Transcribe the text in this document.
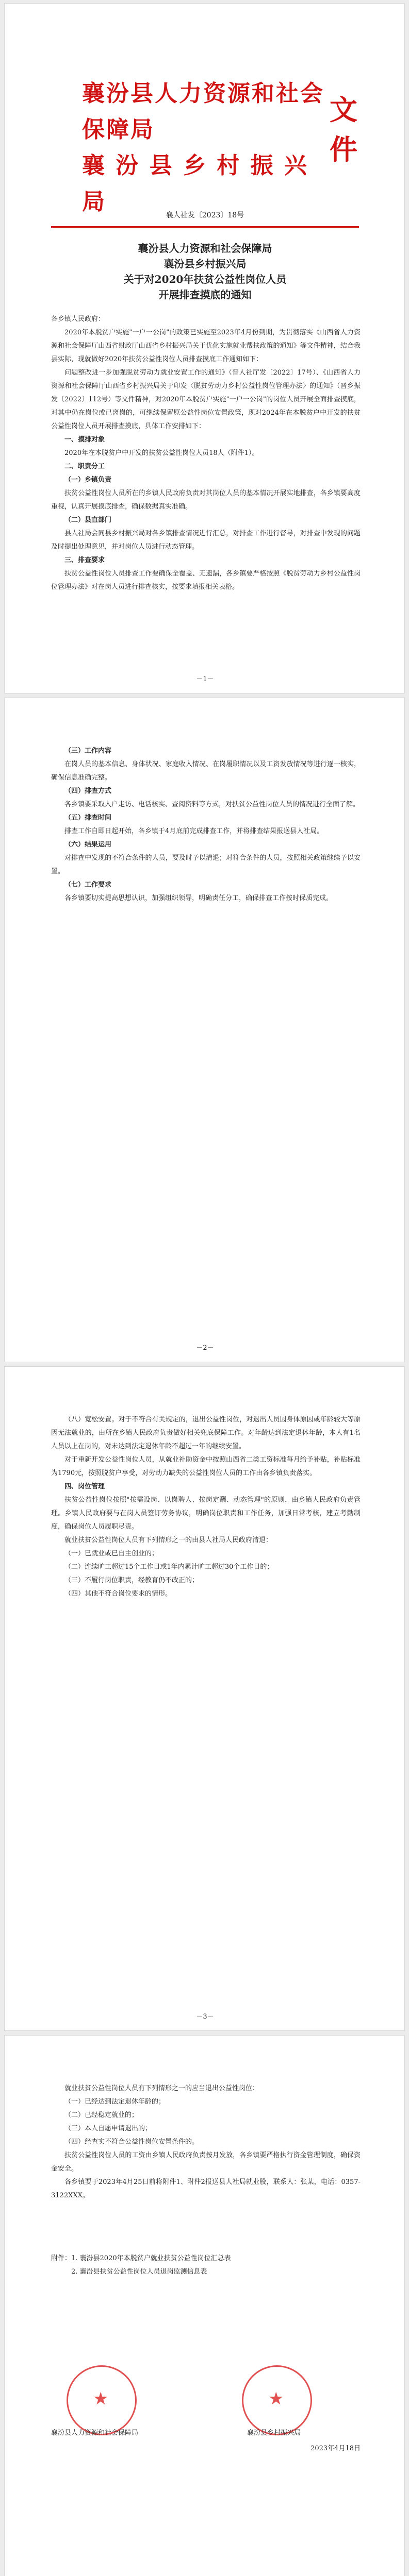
襄汾县人力资源和社会保障局
襄 汾 县 乡 村 振 兴 局
文件
襄人社发〔2023〕18号
襄汾县人力资源和社会保障局
襄汾县乡村振兴局
关于对2020年扶贫公益性岗位人员
开展排查摸底的通知

各乡镇人民政府：

2020年本脱贫户实施"一户一公岗"的政策已实施至2023年4月份到期，为贯彻落实《山西省人力资源和社会保障厅山西省财政厅山西省乡村振兴局关于优化实施就业帮扶政策的通知》等文件精神，结合我县实际，现就做好2020年扶贫公益性岗位人员排查摸底工作通知如下：

问题整改进一步加强脱贫劳动力就业安置工作的通知》（晋人社厅发〔2022〕17号）、《山西省人力资源和社会保障厅山西省乡村振兴局关于印发〈脱贫劳动力乡村公益性岗位管理办法〉的通知》（晋乡振发〔2022〕112号）等文件精神，对2020年本脱贫户实施"一户一公岗"的岗位人员开展全面排查摸底，对其中仍在岗位或已离岗的，可继续保留原公益性岗位安置政策，现对2024年在本脱贫户中开发的扶贫公益性岗位人员开展排查摸底，具体工作安排如下：

一、摸排对象

2020年在本脱贫户中开发的扶贫公益性岗位人员18人（附件1）。

二、职责分工

（一）乡镇负责

扶贫公益性岗位人员所在的乡镇人民政府负责对其岗位人员的基本情况开展实地排查，各乡镇要高度重视，认真开展摸底排查，确保数据真实准确。

（二）县直部门

县人社局会同县乡村振兴局对各乡镇排查情况进行汇总，对排查工作进行督导，对排查中发现的问题及时提出处理意见，并对岗位人员进行动态管理。

三、排查要求

扶贫公益性岗位人员排查工作要确保全覆盖、无遗漏，各乡镇要严格按照《脱贫劳动力乡村公益性岗位管理办法》对在岗人员进行排查核实，按要求填报相关表格。

－1－

（三）工作内容

在岗人员的基本信息、身体状况、家庭收入情况、在岗履职情况以及工资发放情况等进行逐一核实，确保信息准确完整。

（四）排查方式

各乡镇要采取入户走访、电话核实、查阅资料等方式，对扶贫公益性岗位人员的情况进行全面了解。

（五）排查时间

排查工作自即日起开始，各乡镇于4月底前完成排查工作，并将排查结果报送县人社局。

（六）结果运用

对排查中发现的不符合条件的人员，要及时予以清退；对符合条件的人员，按照相关政策继续予以安置。

（七）工作要求

各乡镇要切实提高思想认识，加强组织领导，明确责任分工，确保排查工作按时保质完成。

－2－

（八）宽松安置。对于不符合有关规定的，退出公益性岗位，对退出人员因身体原因或年龄较大等原因无法就业的，由所在乡镇人民政府负责做好相关兜底保障工作。对年龄达到法定退休年龄，本人有1名人员以上在岗的，对未达到法定退休年龄不超过一年的继续安置。

对于重新开发公益性岗位人员，从就业补助资金中按照山西省二类工资标准每月给予补贴，补贴标准为1790元，按照脱贫户享受，对劳动力缺失的公益性岗位人员的工作由各乡镇负责落实。

四、岗位管理

扶贫公益性岗位按照"按需设岗、以岗聘人、按岗定酬、动态管理"的原则，由乡镇人民政府负责管理。乡镇人民政府要与在岗人员签订劳务协议，明确岗位职责和工作任务，加强日常考核，建立考勤制度，确保岗位人员履职尽责。

就业扶贫公益性岗位人员有下列情形之一的由县人社局人民政府清退：

（一）已就业或已自主创业的；

（二）连续旷工超过15个工作日或1年内累计旷工超过30个工作日的；

（三）不履行岗位职责，经教育仍不改正的；

（四）其他不符合岗位要求的情形。

－3－

就业扶贫公益性岗位人员有下列情形之一的应当退出公益性岗位：

（一）已经达到法定退休年龄的；

（二）已经稳定就业的；

（三）本人自愿申请退出的；

（四）经查实不符合公益性岗位安置条件的。

扶贫公益性岗位人员的工资由乡镇人民政府负责按月发放，各乡镇要严格执行资金管理制度，确保资金安全。

各乡镇要于2023年4月25日前将附件1、附件2报送县人社局就业股，联系人：张某，电话：0357-3122XXX。

附件：1. 襄汾县2020年本脱贫户就业扶贫公益性岗位汇总表

2. 襄汾县扶贫公益性岗位人员退岗监测信息表

★	★
襄汾县人力资源和社会保障局	襄汾县乡村振兴局
2023年4月18日
